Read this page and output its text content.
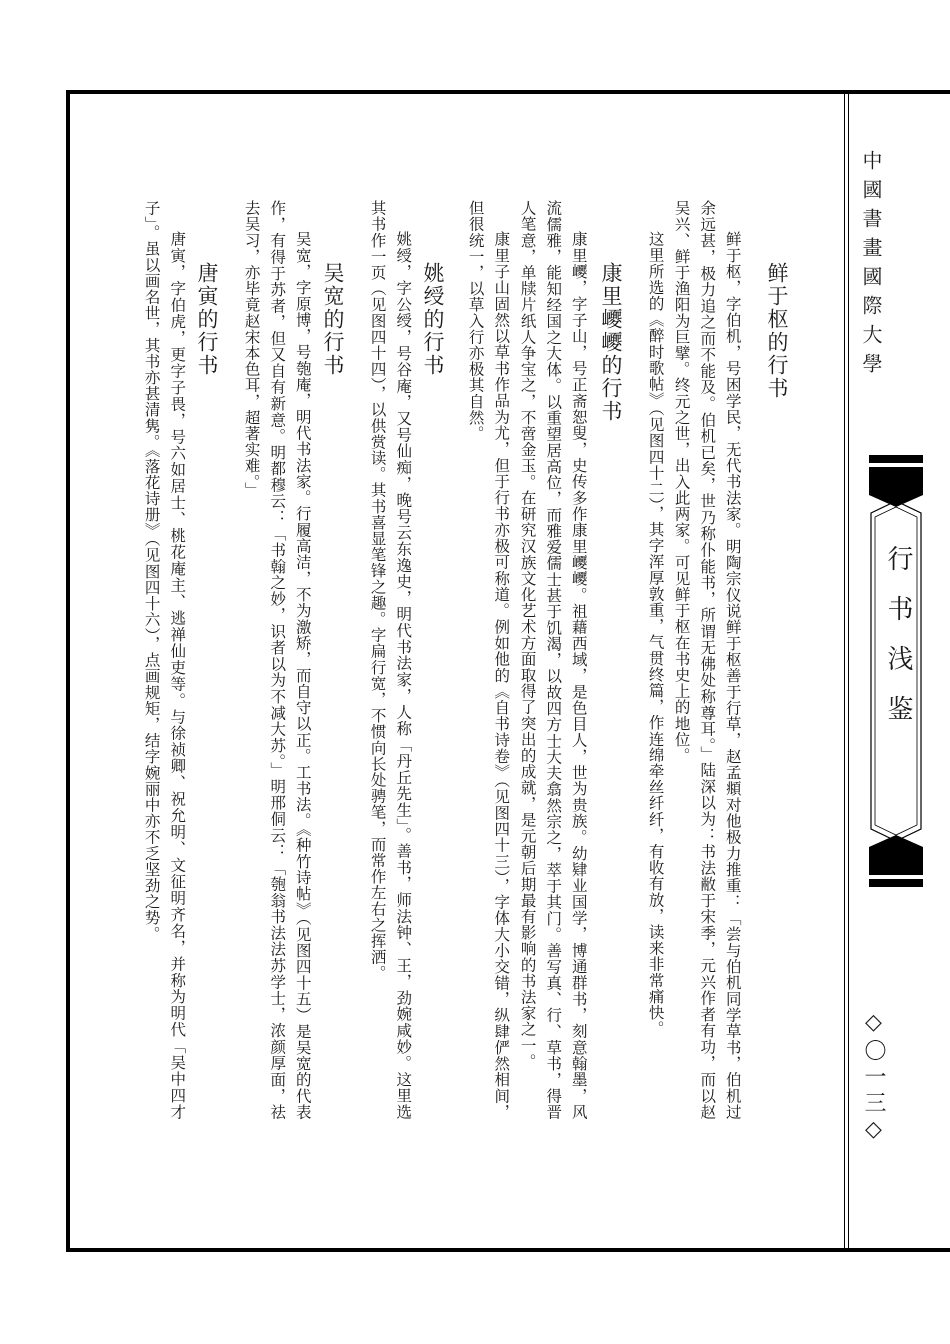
中國書畫國際大學

行书浅鉴

◇〇一三◇

鲜于枢的行书

鲜于枢，字伯机，号困学民，无代书法家。明陶宗仪说鲜于枢善于行草，赵孟頫对他极力推重：「尝与伯机同学草书，伯机过余远甚，极力追之而不能及。伯机已矣，世乃称仆能书，所谓无佛处称尊耳。」陆深以为：书法敝于宋季，元兴作者有功，而以赵吴兴、鲜于渔阳为巨擘。终元之世，出入此两家。可见鲜于枢在书史上的地位。

这里所选的《醉时歌帖》（见图四十二），其字浑厚敦重，气贯终篇，作连绵牵丝纤纤，有收有放，读来非常痛快。

康里巎巎的行书

康里巎，字子山，号正斋恕叟，史传多作康里巎巎。祖藉西域，是色目人，世为贵族。幼肄业国学，博通群书，刻意翰墨，风流儒雅，能知经国之大体。以重望居高位，而雅爱儒士甚于饥渴，以故四方士大夫翕然宗之，萃于其门。善写真、行、草书，得晋人笔意，单牍片纸人争宝之，不啻金玉。在研究汉族文化艺术方面取得了突出的成就，是元朝后期最有影响的书法家之一。

康里子山固然以草书作品为尤，但于行书亦极可称道。例如他的《自书诗卷》（见图四十三），字体大小交错，纵肆俨然相间，但很统一，以草入行亦极其自然。

姚绶的行书

姚绶，字公绶，号谷庵，又号仙痴，晚号云东逸史，明代书法家，人称「丹丘先生」。善书，师法钟、王，劲婉咸妙。这里选其书作一页（见图四十四），以供赏读。其书喜显笔锋之趣。字扁行宽，不惯向长处骋笔，而常作左右之挥洒。

吴宽的行书

吴宽，字原博，号匏庵，明代书法家。行履高洁，不为激矫，而自守以正。工书法。《种竹诗帖》（见图四十五）是吴宽的代表作，有得于苏者，但又自有新意。明都穆云：「书翰之妙，识者以为不减大苏。」明邢侗云：「匏翁书法法苏学士，浓颜厚面，祛去吴习，亦毕竟赵宋本色耳，超著实难。」

唐寅的行书

唐寅，字伯虎，更字子畏，号六如居士、桃花庵主、逃禅仙吏等。与徐祯卿、祝允明、文征明齐名，并称为明代「吴中四才子」。虽以画名世，其书亦甚清隽。《落花诗册》（见图四十六），点画规矩，结字婉丽中亦不乏坚劲之势。
